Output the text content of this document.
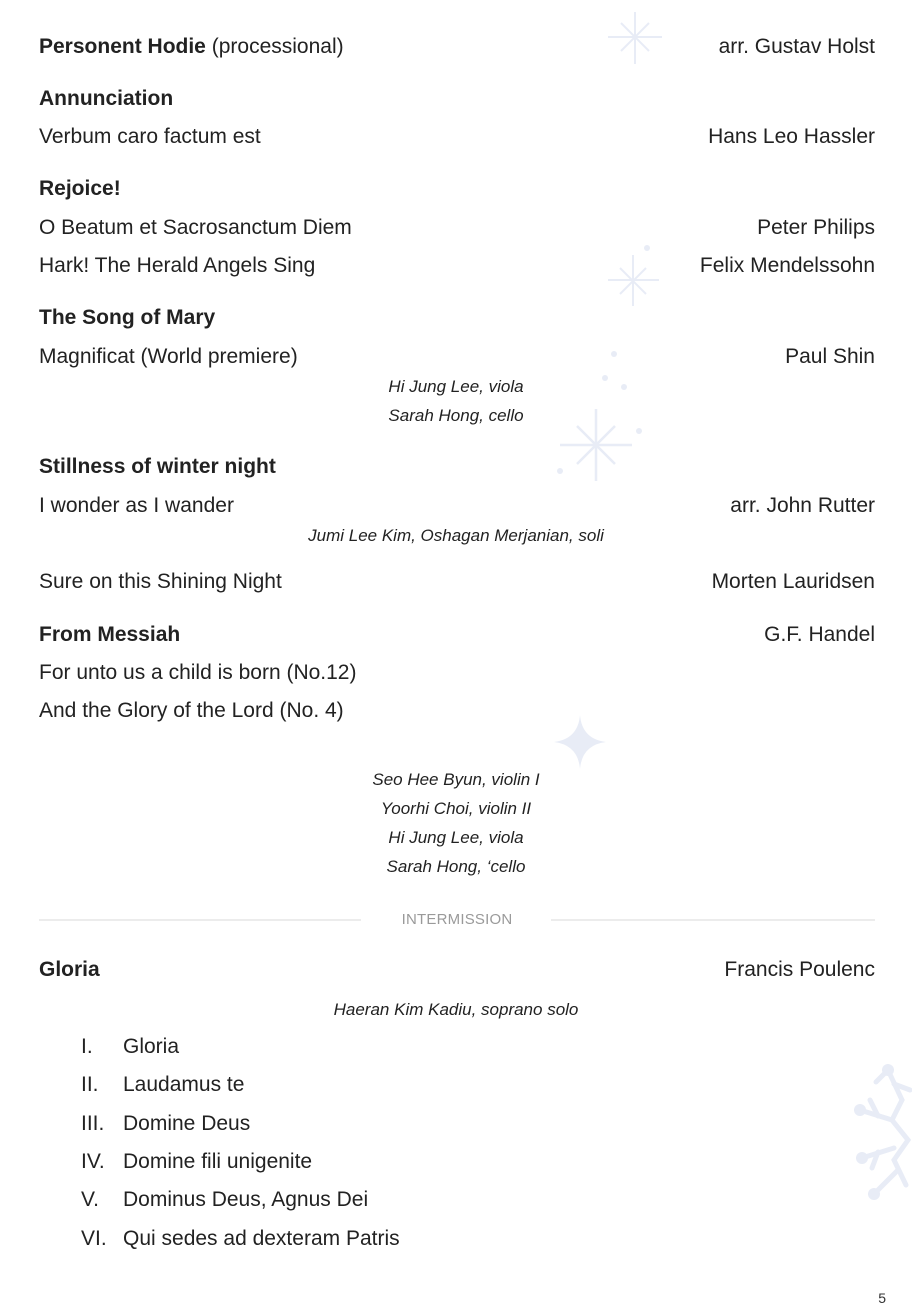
Personent Hodie (processional)	arr. Gustav Holst
Annunciation
Verbum caro factum est	Hans Leo Hassler
Rejoice!
O Beatum et Sacrosanctum Diem	Peter Philips
Hark! The Herald Angels Sing	Felix Mendelssohn
The Song of Mary
Magnificat (World premiere)	Paul Shin
Hi Jung Lee, viola
Sarah Hong, cello
Stillness of winter night
I wonder as I wander	arr. John Rutter
Jumi Lee Kim, Oshagan Merjanian, soli
Sure on this Shining Night	Morten Lauridsen
From Messiah	G.F. Handel
For unto us a child is born (No.12)
And the Glory of the Lord (No. 4)
Seo Hee Byun, violin I
Yoorhi Choi, violin II
Hi Jung Lee, viola
Sarah Hong, ‘cello
INTERMISSION
Gloria	Francis Poulenc
Haeran Kim Kadiu, soprano solo
I.	Gloria
II.	Laudamus te
III. Domine Deus
IV. Domine fili unigenite
V.	Dominus Deus, Agnus Dei
VI. Qui sedes ad dexteram Patris
5
